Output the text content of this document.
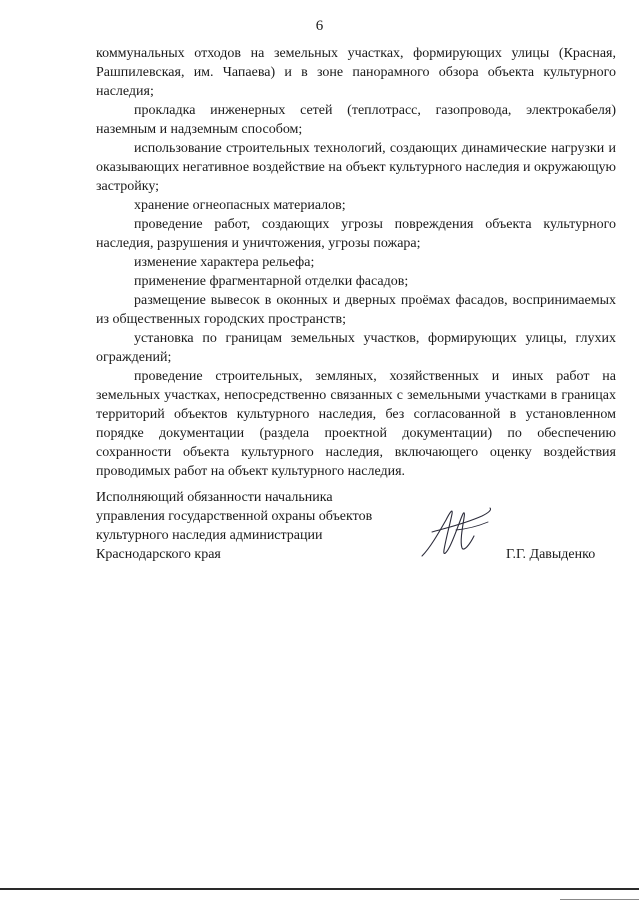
6

коммунальных отходов на земельных участках, формирующих улицы (Красная, Рашпилевская, им. Чапаева) и в зоне панорамного обзора объекта культурного наследия;

прокладка инженерных сетей (теплотрасс, газопровода, электрокабеля) наземным и надземным способом;

использование строительных технологий, создающих динамические нагрузки и оказывающих негативное воздействие на объект культурного наследия и окружающую застройку;

хранение огнеопасных материалов;

проведение работ, создающих угрозы повреждения объекта культурного наследия, разрушения и уничтожения, угрозы пожара;

изменение характера рельефа;

применение фрагментарной отделки фасадов;

размещение вывесок в оконных и дверных проёмах фасадов, воспринимаемых из общественных городских пространств;

установка по границам земельных участков, формирующих улицы, глухих ограждений;

проведение строительных, земляных, хозяйственных и иных работ на земельных участках, непосредственно связанных с земельными участками в границах территорий объектов культурного наследия, без согласованной в установленном порядке документации (раздела проектной документации) по обеспечению сохранности объекта культурного наследия, включающего оценку воздействия проводимых работ на объект культурного наследия.

Исполняющий обязанности начальника
управления государственной охраны объектов
культурного наследия администрации
Краснодарского края	Г.Г. Давыденко
